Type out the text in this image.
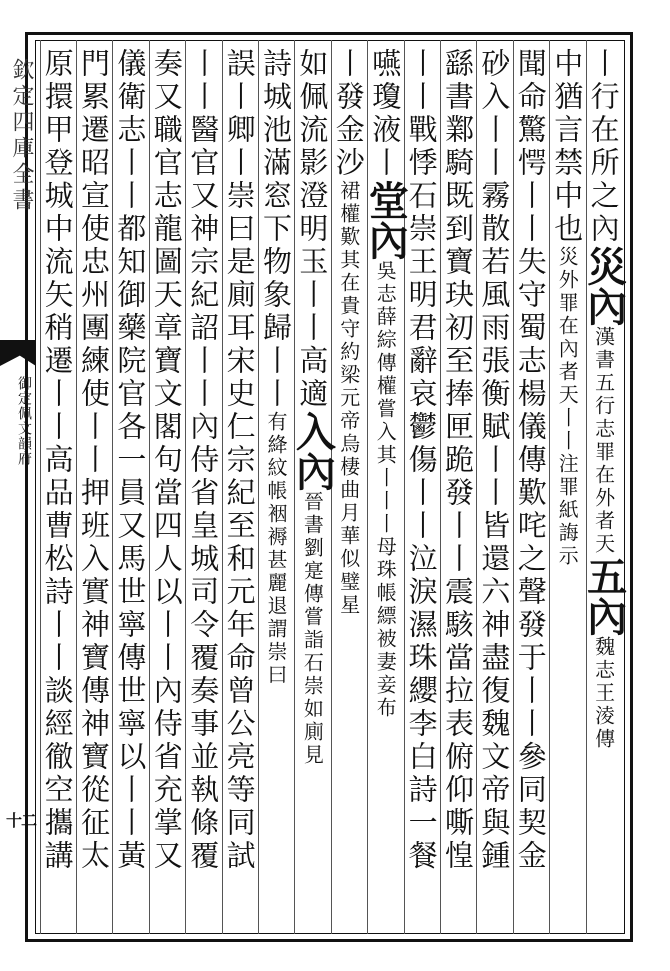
欽定四庫全書
御定佩文韻府
十二
丨行在所之內災內漢書五行志罪在外者天五內魏志王淩傳
中猶言禁中也災外罪在內者天丨丨注罪紙誨示
聞命驚愕丨丨失守蜀志楊儀傳歎咤之聲發于丨丨參同契金
砂入丨丨霧散若風雨張衡賦丨丨皆還六神盡復魏文帝與鍾
繇書鄴騎既到寶玦初至捧匣跪發丨丨震駭當拉表俯仰嘶惶
丨丨戰悸石崇王明君辭哀鬱傷丨丨泣淚濕珠纓李白詩一餐
嚥瓊液丨堂內吳志薛綜傳權嘗入其丨丨丨母珠帳縹被妻妾布
丨發金沙裙權歎其在貴守約梁元帝烏棲曲月華似璧星
如佩流影澄明玉丨丨高適入內晉書劉寔傳嘗詣石崇如廁見
詩城池滿窓下物象歸丨丨有絳紋帳裀褥甚麗退謂崇曰
誤丨卿丨崇曰是廁耳宋史仁宗紀至和元年命曾公亮等同試
丨丨醫官又神宗紀詔丨丨內侍省皇城司令覆奏事並執條覆
奏又職官志龍圖天章寶文閣句當四人以丨丨內侍省充掌又
儀衛志丨丨都知御藥院官各一員又馬世寧傳世寧以丨丨黃
門累遷昭宣使忠州團練使丨丨押班入實神寶傳神寶從征太
原擐甲登城中流矢稍遷丨丨高品曹松詩丨丨談經徹空攜講
